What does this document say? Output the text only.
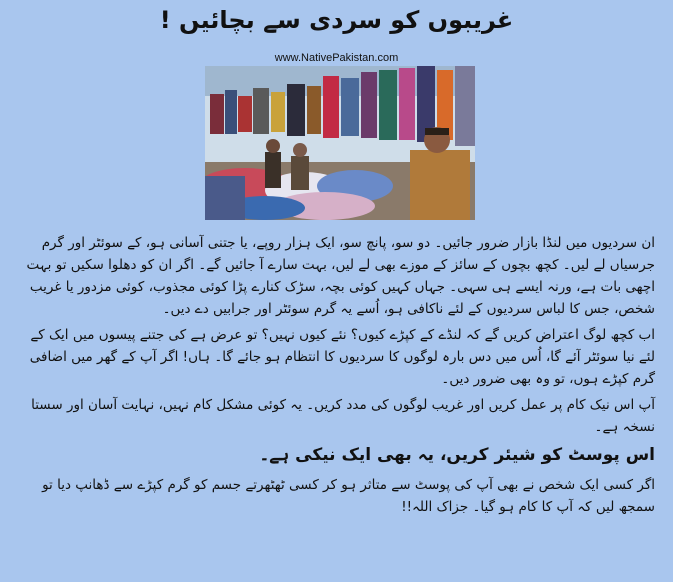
غریبوں کو سردی سے بچائیں !
www.NativePakistan.com

ان سردیوں میں لنڈا بازار ضرور جائیں۔ دو سو، پانچ سو، ایک ہزار روپے، یا جتنی آسانی ہو، کے سوئٹر اور گرم جرسیاں لے لیں۔ کچھ بچوں کے سائز کے موزے بھی لے لیں، بہت سارے آ جائیں گے۔ اگر ان کو دھلوا سکیں تو بہت اچھی بات ہے، ورنہ ایسے ہی سہی۔ جہاں کہیں کوئی بچہ، سڑک کنارے پڑا کوئی مجذوب، کوئی مزدور یا غریب شخص، جس کا لباس سردیوں کے لئے ناکافی ہو، اُسے یہ گرم سوئٹر اور جرابیں دے دیں۔

اب کچھ لوگ اعتراض کریں گے کہ لنڈے کے کپڑے کیوں؟ نئے کیوں نہیں؟ تو عرض ہے کی جتنے پیسوں میں ایک کے لئے نیا سوئٹر آئے گا، اُس میں دس بارہ لوگوں کا سردیوں کا انتظام ہو جائے گا۔ ہاں! اگر آپ کے گھر میں اضافی گرم کپڑے ہوں، تو وہ بھی ضرور دیں۔

آپ اس نیک کام پر عمل کریں اور غریب لوگوں کی مدد کریں۔ یہ کوئی مشکل کام نہیں، نہایت آسان اور سستا نسخہ ہے۔

اس پوسٹ کو شیئر کریں، یہ بھی ایک نیکی ہے۔

اگر کسی ایک شخص نے بھی آپ کی پوسٹ سے متاثر ہو کر کسی ٹھٹھرتے جسم کو گرم کپڑے سے ڈھانپ دیا تو سمجھ لیں کہ آپ کا کام ہو گیا۔ جزاک اللہ!!
